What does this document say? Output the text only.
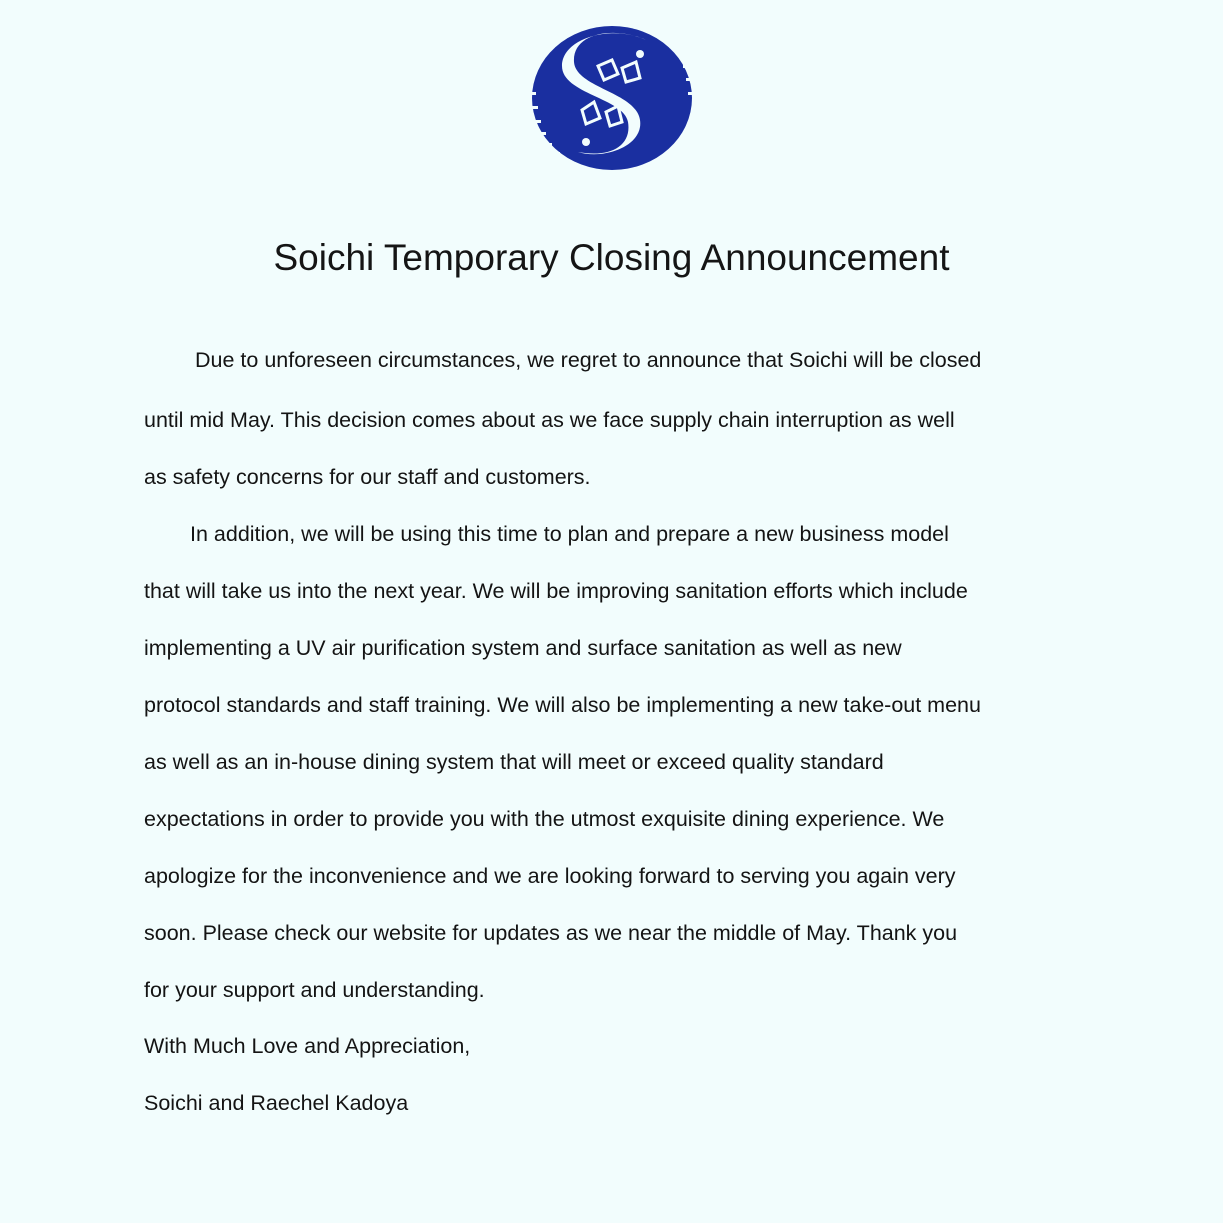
Soichi Temporary Closing Announcement

Due to unforeseen circumstances, we regret to announce that Soichi will be closed

until mid May. This decision comes about as we face supply chain interruption as well

as safety concerns for our staff and customers.

In addition, we will be using this time to plan and prepare a new business model

that will take us into the next year. We will be improving sanitation efforts which include

implementing a UV air purification system and surface sanitation as well as new

protocol standards and staff training. We will also be implementing a new take-out menu

as well as an in-house dining system that will meet or exceed quality standard

expectations in order to provide you with the utmost exquisite dining experience. We

apologize for the inconvenience and we are looking forward to serving you again very

soon. Please check our website for updates as we near the middle of May. Thank you

for your support and understanding.

With Much Love and Appreciation,

Soichi and Raechel Kadoya
